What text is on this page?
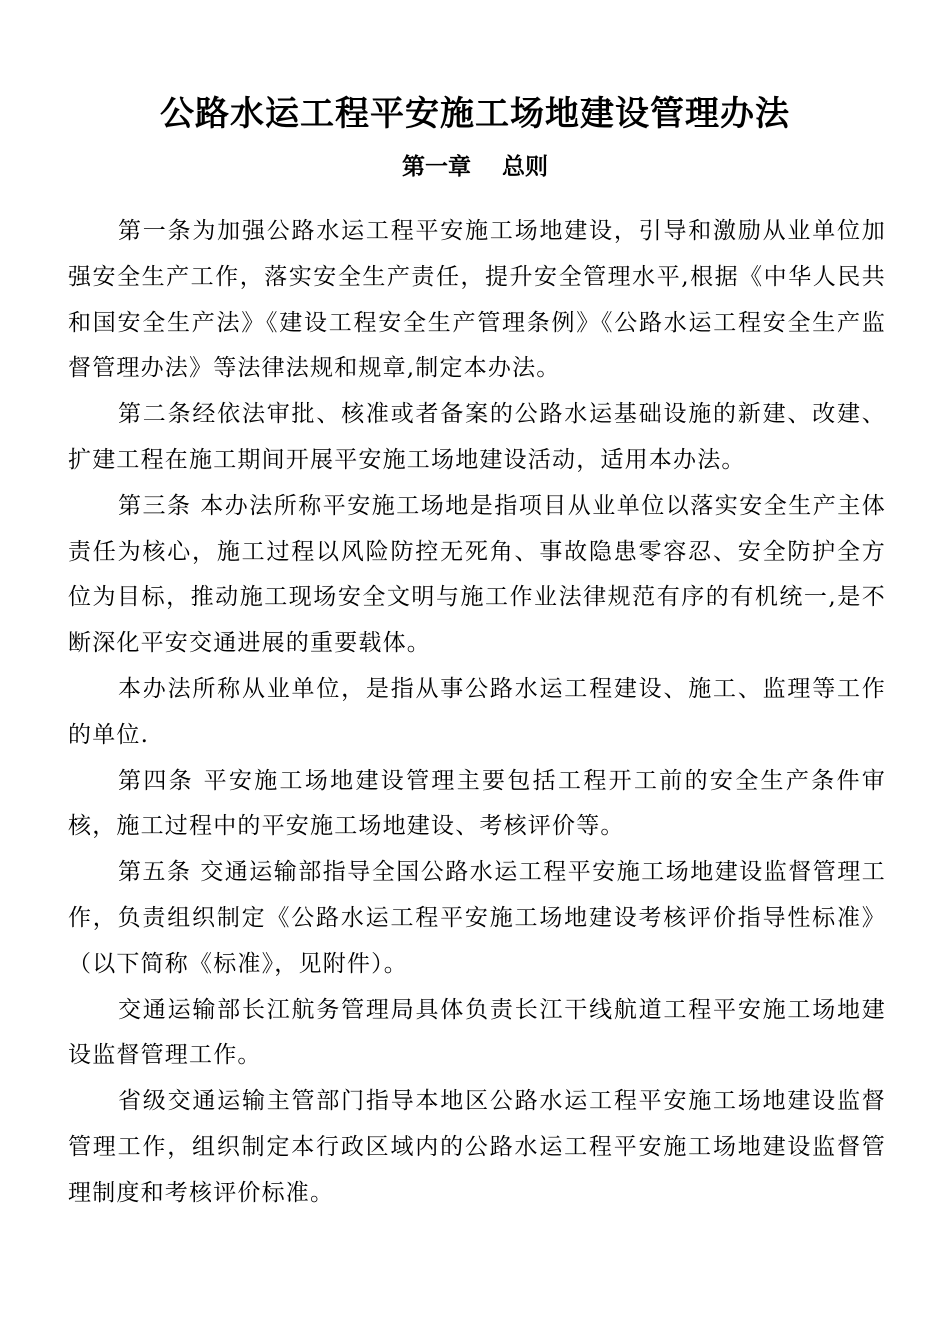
公路水运工程平安施工场地建设管理办法
第一章　 总则

第一条为加强公路水运工程平安施工场地建设，引导和激励从业单位加强安全生产工作，落实安全生产责任，提升安全管理水平,根据《中华人民共和国安全生产法》《建设工程安全生产管理条例》《公路水运工程安全生产监督管理办法》等法律法规和规章,制定本办法。

第二条经依法审批、核准或者备案的公路水运基础设施的新建、改建、扩建工程在施工期间开展平安施工场地建设活动，适用本办法。

第三条 本办法所称平安施工场地是指项目从业单位以落实安全生产主体责任为核心，施工过程以风险防控无死角、事故隐患零容忍、安全防护全方位为目标，推动施工现场安全文明与施工作业法律规范有序的有机统一,是不断深化平安交通进展的重要载体。

本办法所称从业单位，是指从事公路水运工程建设、施工、监理等工作的单位.

第四条 平安施工场地建设管理主要包括工程开工前的安全生产条件审核，施工过程中的平安施工场地建设、考核评价等。

第五条 交通运输部指导全国公路水运工程平安施工场地建设监督管理工作，负责组织制定《公路水运工程平安施工场地建设考核评价指导性标准》（以下简称《标准》，见附件）。

交通运输部长江航务管理局具体负责长江干线航道工程平安施工场地建设监督管理工作。

省级交通运输主管部门指导本地区公路水运工程平安施工场地建设监督管理工作，组织制定本行政区域内的公路水运工程平安施工场地建设监督管理制度和考核评价标准。
